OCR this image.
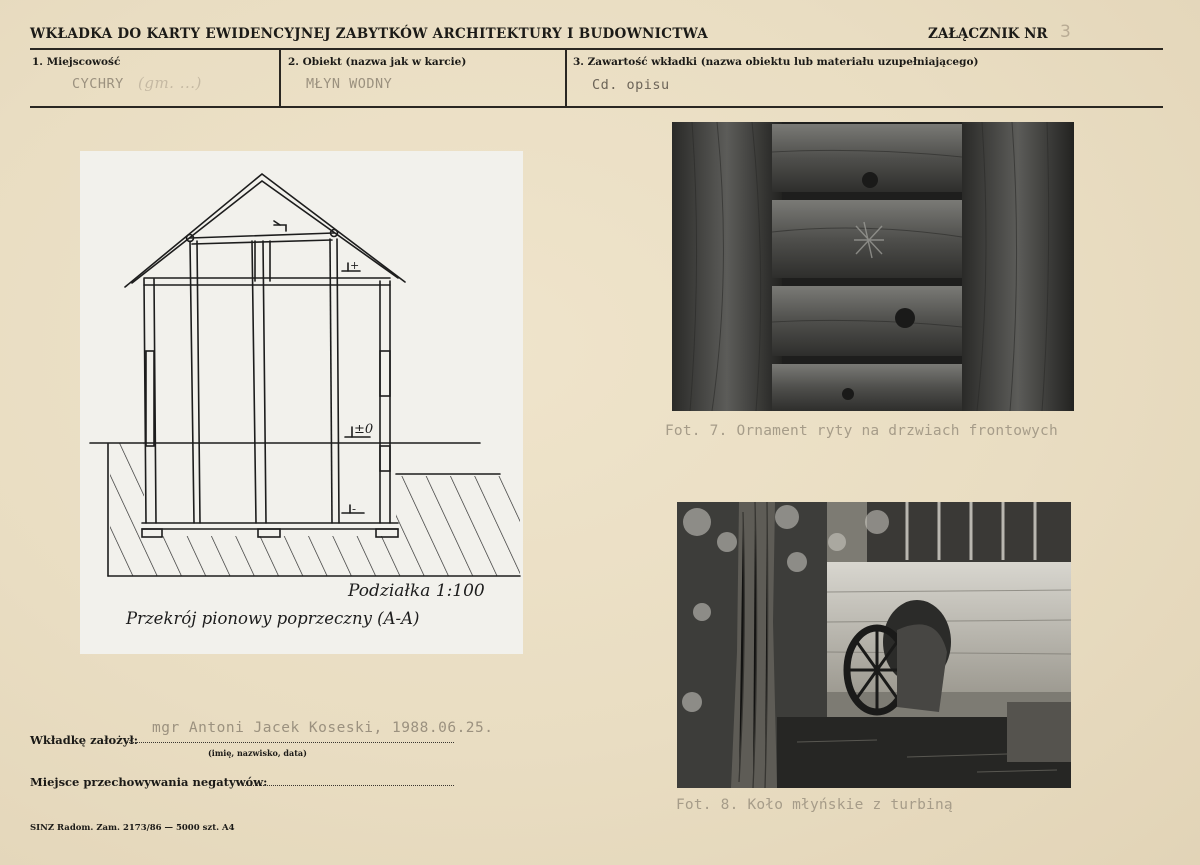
WKŁADKA DO KARTY EWIDENCYJNEJ ZABYTKÓW ARCHITEKTURY I BUDOWNICTWA	ZAŁĄCZNIK NR 3
1. Miejscowość	2. Obiekt (nazwa jak w karcie)	3. Zawartość wkładki (nazwa obiektu lub materiału uzupełniającego)
CYCHRY (gm. ...)	MŁYN WODNY	Cd. opisu
+
±0
-
Podziałka 1:100
Przekrój pionowy poprzeczny (A-A)
Fot. 7. Ornament ryty na drzwiach frontowych
Fot. 8. Koło młyńskie z turbiną
Wkładkę założył:
mgr Antoni Jacek Koseski, 1988.06.25.
(imię, nazwisko, data)
Miejsce przechowywania negatywów:
SINZ Radom. Zam. 2173/86 — 5000 szt. A4
